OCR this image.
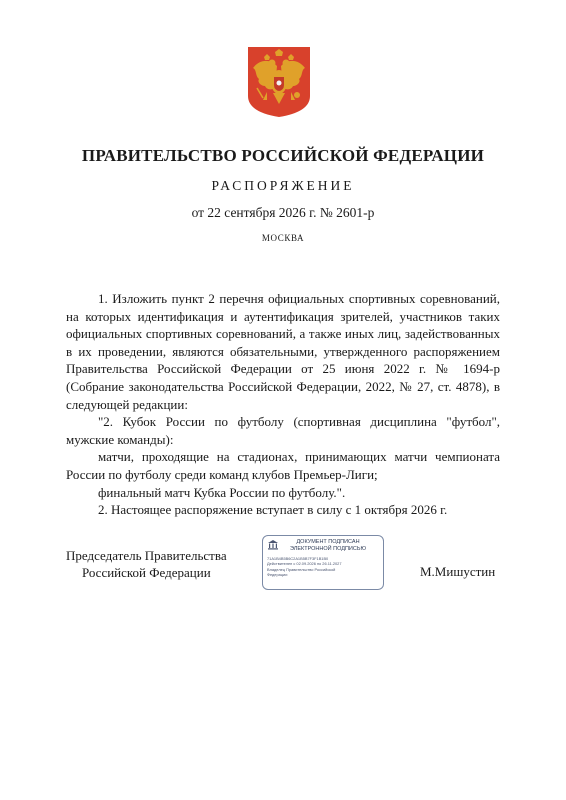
ПРАВИТЕЛЬСТВО РОССИЙСКОЙ ФЕДЕРАЦИИ
РАСПОРЯЖЕНИЕ
от 22 сентября 2026 г. № 2601-р
МОСКВА

1. Изложить пункт 2 перечня официальных спортивных соревнований, на которых идентификация и аутентификация зрителей, участников таких официальных спортивных соревнований, а также иных лиц, задействованных в их проведении, являются обязательными, утвержденного распоряжением Правительства Российской Федерации от 25 июня 2022 г. № 1694-р (Собрание законодательства Российской Федерации, 2022, № 27, ст. 4878), в следующей редакции:

"2. Кубок России по футболу (спортивная дисциплина "футбол", мужские команды):

матчи, проходящие на стадионах, принимающих матчи чемпионата России по футболу среди команд клубов Премьер-Лиги;

финальный матч Кубка России по футболу.".

2. Настоящее распоряжение вступает в силу с 1 октября 2026 г.

Председатель Правительства
Российской Федерации
ДОКУМЕНТ ПОДПИСАН
ЭЛЕКТРОННОЙ ПОДПИСЬЮ
71A1B4B5B6C2A1B5B7F3F1B1B0
Действителен с 02.09.2026 по 26.11.2027
Владелец Правительство Российской
Федерации	М.Мишустин
